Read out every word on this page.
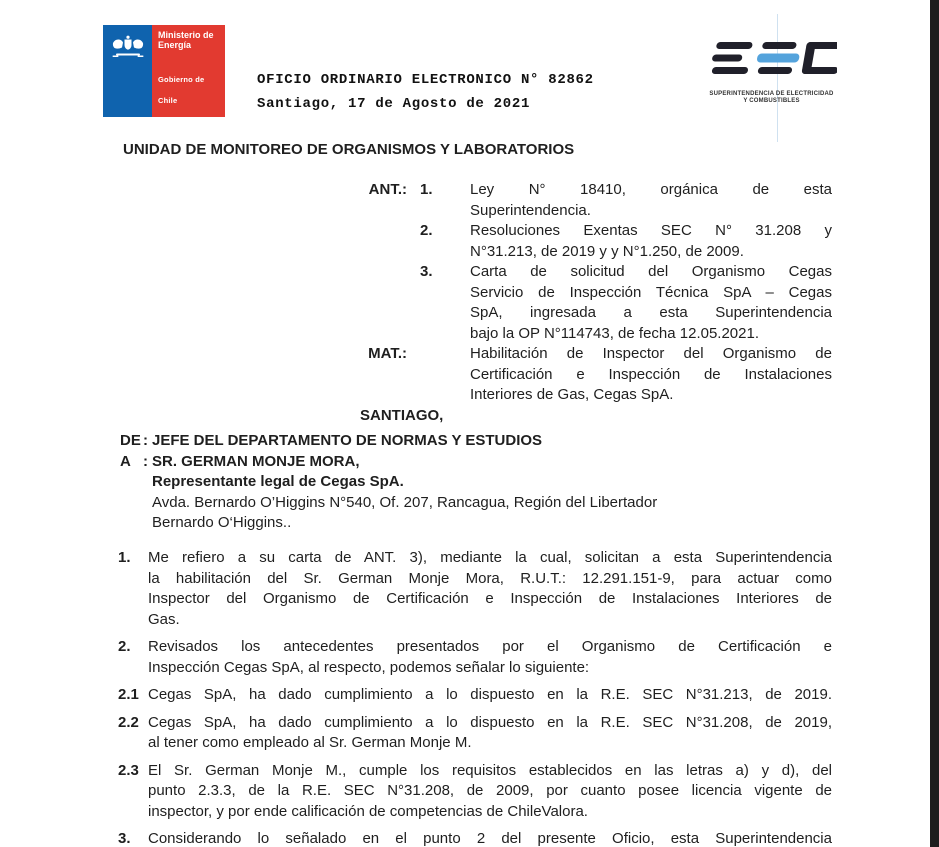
Ministerio de
Energía
Gobierno de Chile
OFICIO ORDINARIO ELECTRONICO N° 82862
Santiago, 17 de Agosto de 2021
SUPERINTENDENCIA DE ELECTRICIDAD
Y COMBUSTIBLES
UNIDAD DE MONITOREO DE ORGANISMOS Y LABORATORIOS
ANT.: 1.	Ley N° 18410, orgánica de esta
Superintendencia.
2.	Resoluciones Exentas SEC N° 31.208 y
N°31.213, de 2019 y y N°1.250, de 2009.
3.	Carta de solicitud del Organismo Cegas
Servicio de Inspección Técnica SpA – Cegas
SpA, ingresada a esta Superintendencia
bajo la OP N°114743, de fecha 12.05.2021.
MAT.:	Habilitación de Inspector del Organismo de
Certificación e Inspección de Instalaciones
Interiores de Gas, Cegas SpA.
SANTIAGO,
DE : JEFE DEL DEPARTAMENTO DE NORMAS Y ESTUDIOS
A : SR. GERMAN MONJE MORA,
Representante legal de Cegas SpA.
Avda. Bernardo O’Higgins N°540, Of. 207, Rancagua, Región del Libertador
Bernardo O‘Higgins..
1.	Me refiero a su carta de ANT. 3), mediante la cual, solicitan a esta Superintendencia
la habilitación del Sr. German Monje Mora, R.U.T.: 12.291.151-9, para actuar como
Inspector del Organismo de Certificación e Inspección de Instalaciones Interiores de
Gas.
2.	Revisados los antecedentes presentados por el Organismo de Certificación e
Inspección Cegas SpA, al respecto, podemos señalar lo siguiente:
2.1 Cegas SpA, ha dado cumplimiento a lo dispuesto en la R.E. SEC N°31.213, de 2019.
2.2 Cegas SpA, ha dado cumplimiento a lo dispuesto en la R.E. SEC N°31.208, de 2019,
al tener como empleado al Sr. German Monje M.
2.3 El Sr. German Monje M., cumple los requisitos establecidos en las letras a) y d), del
punto 2.3.3, de la R.E. SEC N°31.208, de 2009, por cuanto posee licencia vigente de
inspector, y por ende calificación de competencias de ChileValora.
3.	Considerando lo señalado en el punto 2 del presente Oficio, esta Superintendencia
